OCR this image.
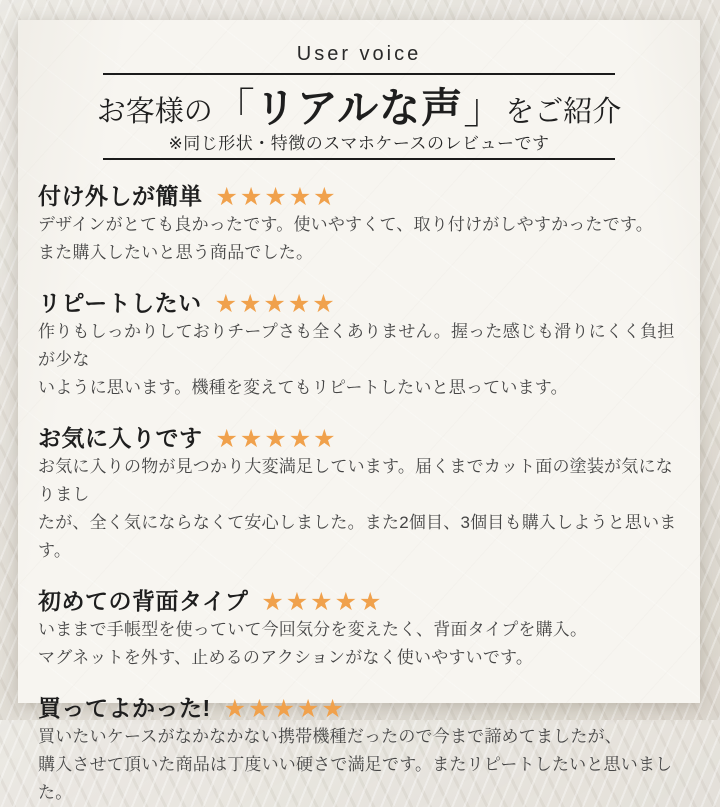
User voice
お客様の「リアルな声」をご紹介
※同じ形状・特徴のスマホケースのレビューです
付け外しが簡単 ★★★★★
デザインがとても良かったです。使いやすくて、取り付けがしやすかったです。
また購入したいと思う商品でした。
リピートしたい ★★★★★
作りもしっかりしておりチープさも全くありません。握った感じも滑りにくく負担が少な
いように思います。機種を変えてもリピートしたいと思っています。
お気に入りです ★★★★★
お気に入りの物が見つかり大変満足しています。届くまでカット面の塗装が気になりまし
たが、全く気にならなくて安心しました。また2個目、3個目も購入しようと思います。
初めての背面タイプ ★★★★★
いままで手帳型を使っていて今回気分を変えたく、背面タイプを購入。
マグネットを外す、止めるのアクションがなく使いやすいです。
買ってよかった! ★★★★★
買いたいケースがなかなかない携帯機種だったので今まで諦めてましたが、
購入させて頂いた商品は丁度いい硬さで満足です。またリピートしたいと思いました。
